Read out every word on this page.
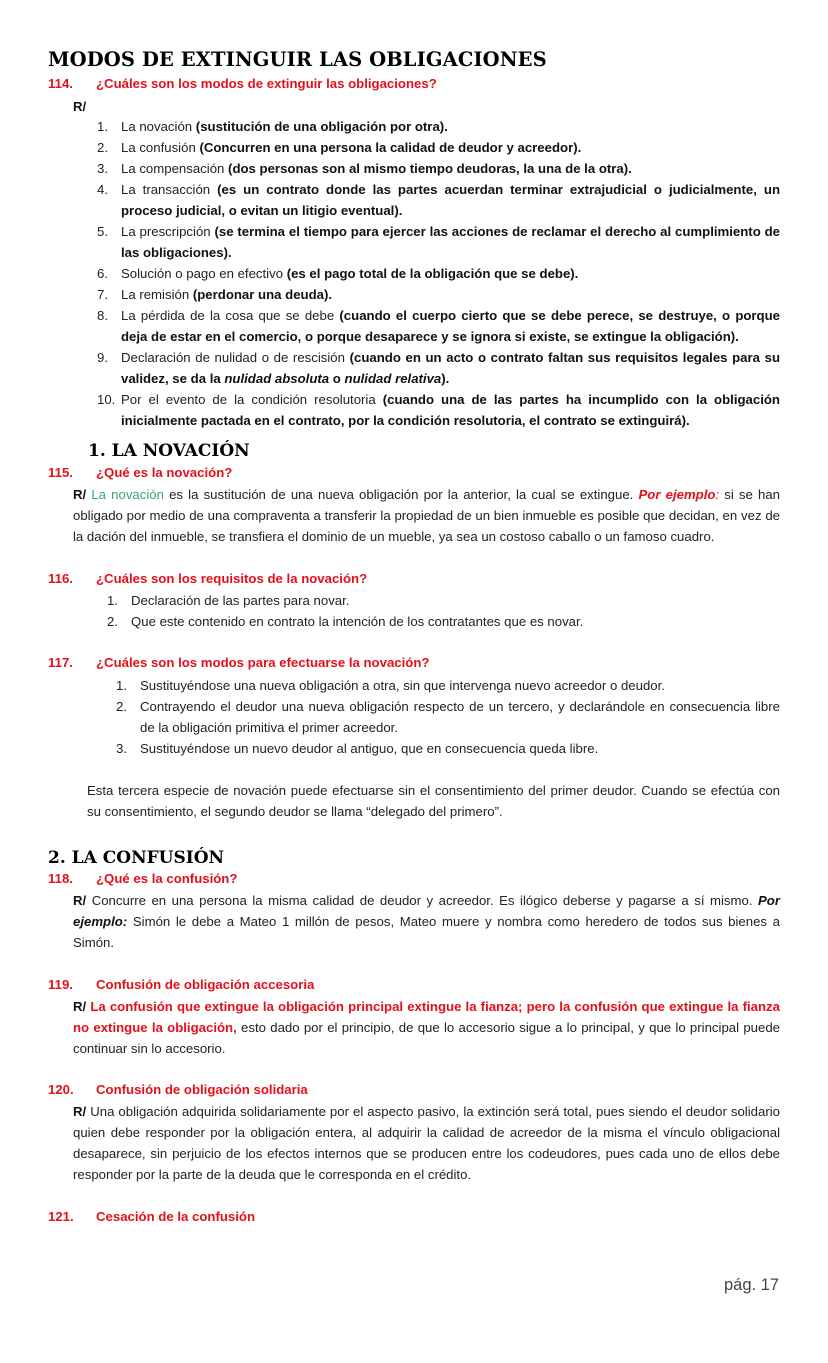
MODOS DE EXTINGUIR LAS OBLIGACIONES
114. ¿Cuáles son los modos de extinguir las obligaciones?
R/
1. La novación (sustitución de una obligación por otra).
2. La confusión (Concurren en una persona la calidad de deudor y acreedor).
3. La compensación (dos personas son al mismo tiempo deudoras, la una de la otra).
4. La transacción (es un contrato donde las partes acuerdan terminar extrajudicial o judicialmente, un proceso judicial, o evitan un litigio eventual).
5. La prescripción (se termina el tiempo para ejercer las acciones de reclamar el derecho al cumplimiento de las obligaciones).
6. Solución o pago en efectivo (es el pago total de la obligación que se debe).
7. La remisión (perdonar una deuda).
8. La pérdida de la cosa que se debe (cuando el cuerpo cierto que se debe perece, se destruye, o porque deja de estar en el comercio, o porque desaparece y se ignora si existe, se extingue la obligación).
9. Declaración de nulidad o de rescisión (cuando en un acto o contrato faltan sus requisitos legales para su validez, se da la nulidad absoluta o nulidad relativa).
10. Por el evento de la condición resolutoria (cuando una de las partes ha incumplido con la obligación inicialmente pactada en el contrato, por la condición resolutoria, el contrato se extinguirá).
1. LA NOVACIÓN
115. ¿Qué es la novación?
R/ La novación es la sustitución de una nueva obligación por la anterior, la cual se extingue. Por ejemplo: si se han obligado por medio de una compraventa a transferir la propiedad de un bien inmueble es posible que decidan, en vez de la dación del inmueble, se transfiera el dominio de un mueble, ya sea un costoso caballo o un famoso cuadro.
116. ¿Cuáles son los requisitos de la novación?
1. Declaración de las partes para novar.
2. Que este contenido en contrato la intención de los contratantes que es novar.
117. ¿Cuáles son los modos para efectuarse la novación?
1. Sustituyéndose una nueva obligación a otra, sin que intervenga nuevo acreedor o deudor.
2. Contrayendo el deudor una nueva obligación respecto de un tercero, y declarándole en consecuencia libre de la obligación primitiva el primer acreedor.
3. Sustituyéndose un nuevo deudor al antiguo, que en consecuencia queda libre.
Esta tercera especie de novación puede efectuarse sin el consentimiento del primer deudor. Cuando se efectúa con su consentimiento, el segundo deudor se llama “delegado del primero”.
2. LA CONFUSIÓN
118. ¿Qué es la confusión?
R/ Concurre en una persona la misma calidad de deudor y acreedor. Es ilógico deberse y pagarse a sí mismo. Por ejemplo: Simón le debe a Mateo 1 millón de pesos, Mateo muere y nombra como heredero de todos sus bienes a Simón.
119. Confusión de obligación accesoria
R/ La confusión que extingue la obligación principal extingue la fianza; pero la confusión que extingue la fianza no extingue la obligación, esto dado por el principio, de que lo accesorio sigue a lo principal, y que lo principal puede continuar sin lo accesorio.
120. Confusión de obligación solidaria
R/ Una obligación adquirida solidariamente por el aspecto pasivo, la extinción será total, pues siendo el deudor solidario quien debe responder por la obligación entera, al adquirir la calidad de acreedor de la misma el vínculo obligacional desaparece, sin perjuicio de los efectos internos que se producen entre los codeudores, pues cada uno de ellos debe responder por la parte de la deuda que le corresponda en el crédito.
121. Cesación de la confusión
pág. 17
